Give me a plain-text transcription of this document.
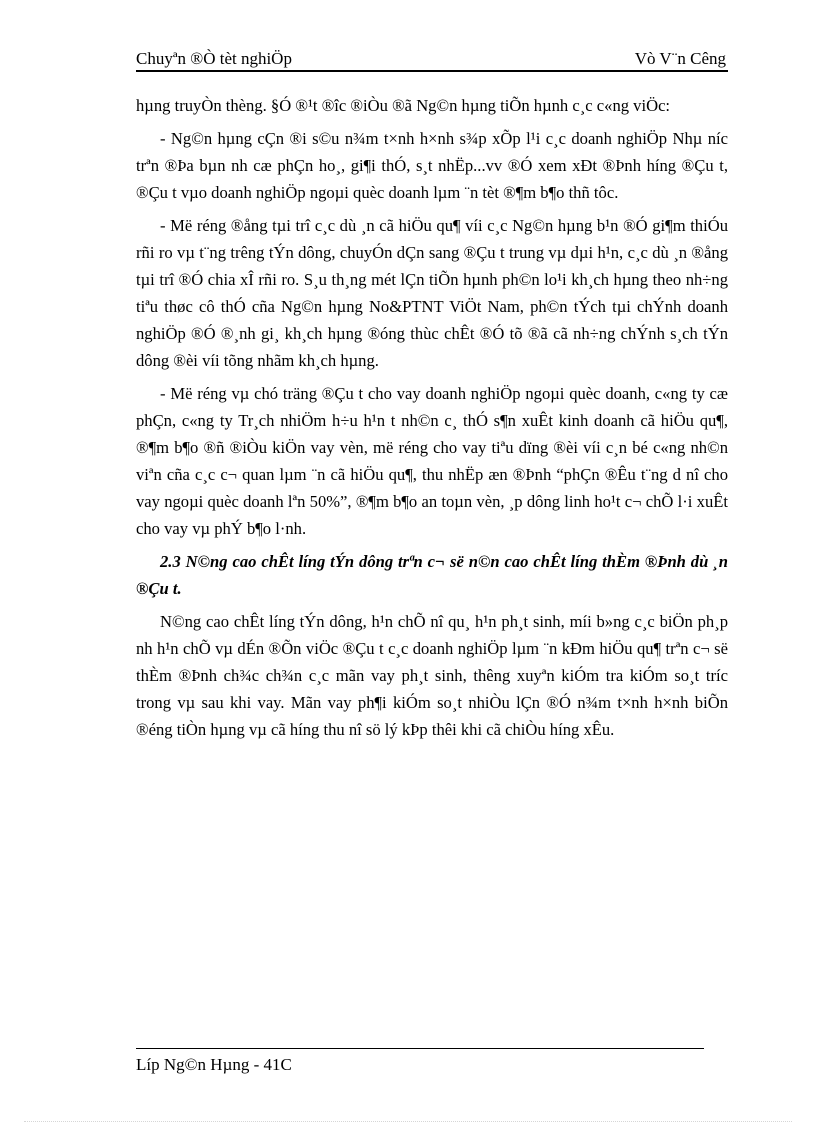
Chuyªn ®Ò tèt nghiÖp	Vò V¨n Cêng

hµng truyÒn thèng. §Ó ®¹t ®îc ®iÒu ®ã Ng©n hµng tiÕn hµnh c¸c c«ng viÖc:

- Ng©n hµng cÇn ®i s©u n¾m t×nh h×nh s¾p xÕp l¹i c¸c doanh nghiÖp Nhµ níc trªn ®Þa bµn nh cæ phÇn ho¸, gi¶i thÓ, s¸t nhËp...vv ®Ó xem xÐt ®Þnh híng ®Çu t, ®Çu t vµo doanh nghiÖp ngoµi quèc doanh lµm ¨n tèt ®¶m b¶o thñ tôc.

- Më réng ®ång tµi trî c¸c dù ¸n cã hiÖu qu¶ víi c¸c Ng©n hµng b¹n ®Ó gi¶m thiÓu rñi ro vµ t¨ng trêng tÝn dông, chuyÓn dÇn sang ®Çu t trung vµ dµi h¹n, c¸c dù ¸n ®ång tµi trî ®Ó chia xÎ rñi ro. S¸u th¸ng mét lÇn tiÕn hµnh ph©n lo¹i kh¸ch hµng theo nh÷ng tiªu thøc cô thÓ cña Ng©n hµng No&PTNT ViÖt Nam, ph©n tÝch tµi chÝnh doanh nghiÖp ®Ó ®¸nh gi¸ kh¸ch hµng ®óng thùc chÊt ®Ó tõ ®ã cã nh÷ng chÝnh s¸ch tÝn dông ®èi víi tõng nhãm kh¸ch hµng.

- Më réng vµ chó träng ®Çu t cho vay doanh nghiÖp ngoµi quèc doanh, c«ng ty cæ phÇn, c«ng ty Tr¸ch nhiÖm h÷u h¹n t nh©n c¸ thÓ s¶n xuÊt kinh doanh cã hiÖu qu¶, ®¶m b¶o ®ñ ®iÒu kiÖn vay vèn, më réng cho vay tiªu dïng ®èi víi c¸n bé c«ng nh©n viªn cña c¸c c¬ quan lµm ¨n cã hiÖu qu¶, thu nhËp æn ®Þnh “phÇn ®Êu t¨ng d nî cho vay ngoµi quèc doanh lªn 50%”, ®¶m b¶o an toµn vèn, ¸p dông linh ho¹t c¬ chÕ l·i xuÊt cho vay vµ phÝ b¶o l·nh.

2.3 N©ng cao chÊt líng tÝn dông trªn c¬ së n©n cao chÊt líng thÈm ®Þnh dù ¸n ®Çu t.

N©ng cao chÊt líng tÝn dông, h¹n chÕ nî qu¸ h¹n ph¸t sinh, míi b»ng c¸c biÖn ph¸p nh h¹n chÕ vµ dÉn ®Õn viÖc ®Çu t c¸c doanh nghiÖp lµm ¨n kÐm hiÖu qu¶ trªn c¬ së thÈm ®Þnh ch¾c ch¾n c¸c mãn vay ph¸t sinh, thêng xuyªn kiÓm tra kiÓm so¸t tríc trong vµ sau khi vay. Mãn vay ph¶i kiÓm so¸t nhiÒu lÇn ®Ó n¾m t×nh h×nh biÕn ®éng tiÒn hµng vµ cã híng thu nî sö lý kÞp thêi khi cã chiÒu híng xÊu.

Líp Ng©n Hµng - 41C
